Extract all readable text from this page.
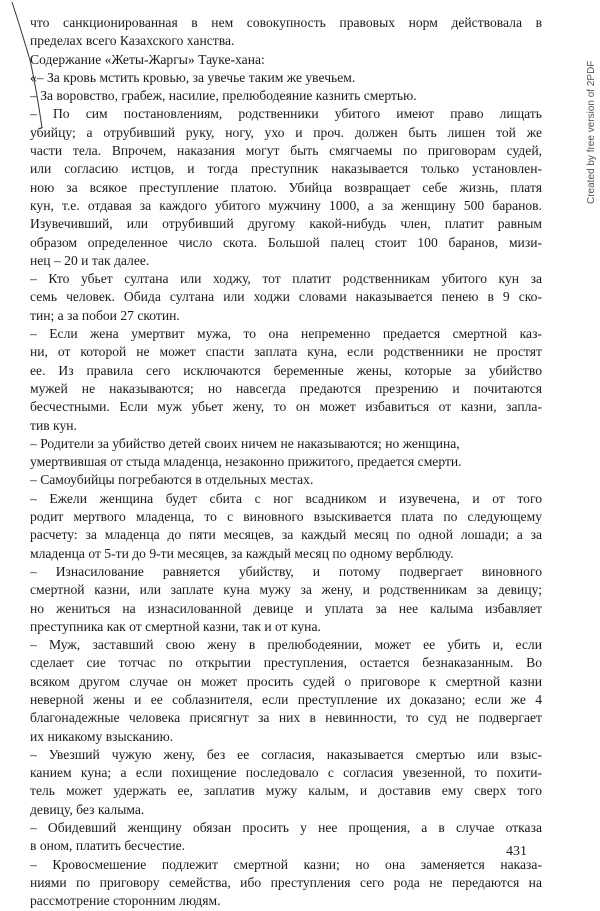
что санкционированная в нем совокупность правовых норм действовала в
пределах всего Казахского ханства.
Содержание «Жеты-Жаргы» Тауке-хана:
«– За кровь мстить кровью, за увечье таким же увечьем.
– За воровство, грабеж, насилие, прелюбодеяние казнить смертью.
– По сим постановлениям, родственники убитого имеют право лищать
убийцу; а отрубивший руку, ногу, ухо и проч. должен быть лишен той же
части тела. Впрочем, наказания могут быть смягчаемы по приговорам судей,
или согласию истцов, и тогда преступник наказывается только установлен-
ною за всякое преступление платою. Убийца возвращает себе жизнь, платя
кун, т.е. отдавая за каждого убитого мужчину 1000, а за женщину 500 баранов.
Изувечивший, или отрубивший другому какой-нибудь член, платит равным
образом определенное число скота. Большой палец стоит 100 баранов, мизи-
нец – 20 и так далее.
– Кто убьет султана или ходжу, тот платит родственникам убитого кун за
семь человек. Обида султана или ходжи словами наказывается пенею в 9 ско-
тин; а за побои 27 скотин.
– Если жена умертвит мужа, то она непременно предается смертной каз-
ни, от которой не может спасти заплата куна, если родственники не простят
ее. Из правила сего исключаются беременные жены, которые за убийство
мужей не наказываются; но навсегда предаются презрению и почитаются
бесчестными. Если муж убьет жену, то он может избавиться от казни, запла-
тив кун.
– Родители за убийство детей своих ничем не наказываются; но женщина,
умертвившая от стыда младенца, незаконно прижитого, предается смерти.
– Самоубийцы погребаются в отдельных местах.
– Ежели женщина будет сбита с ног всадником и изувечена, и от того
родит мертвого младенца, то с виновного взыскивается плата по следующему
расчету: за младенца до пяти месяцев, за каждый месяц по одной лошади; а за
младенца от 5-ти до 9-ти месяцев, за каждый месяц по одному верблюду.
– Изнасилование равняется убийству, и потому подвергает виновного
смертной казни, или заплате куна мужу за жену, и родственникам за девицу;
но жениться на изнасилованной девице и уплата за нее калыма избавляет
преступника как от смертной казни, так и от куна.
– Муж, заставший свою жену в прелюбодеянии, может ее убить и, если
сделает сие тотчас по открытии преступления, остается безнаказанным. Во
всяком другом случае он может просить судей о приговоре к смертной казни
неверной жены и ее соблазнителя, если преступление их доказано; если же 4
благонадежные человека присягнут за них в невинности, то суд не подвергает
их никакому взысканию.
– Увезший чужую жену, без ее согласия, наказывается смертью или взыс-
канием куна; а если похищение последовало с согласия увезенной, то похити-
тель может удержать ее, заплатив мужу калым, и доставив ему сверх того
девицу, без калыма.
– Обидевший женщину обязан просить у нее прощения, а в случае отказа
в оном, платить бесчестие.
– Кровосмешение подлежит смертной казни; но она заменяется наказа-
ниями по приговору семейства, ибо преступления сего рода не передаются на
рассмотрение сторонним людям.
431
Created by free version of 2PDF
